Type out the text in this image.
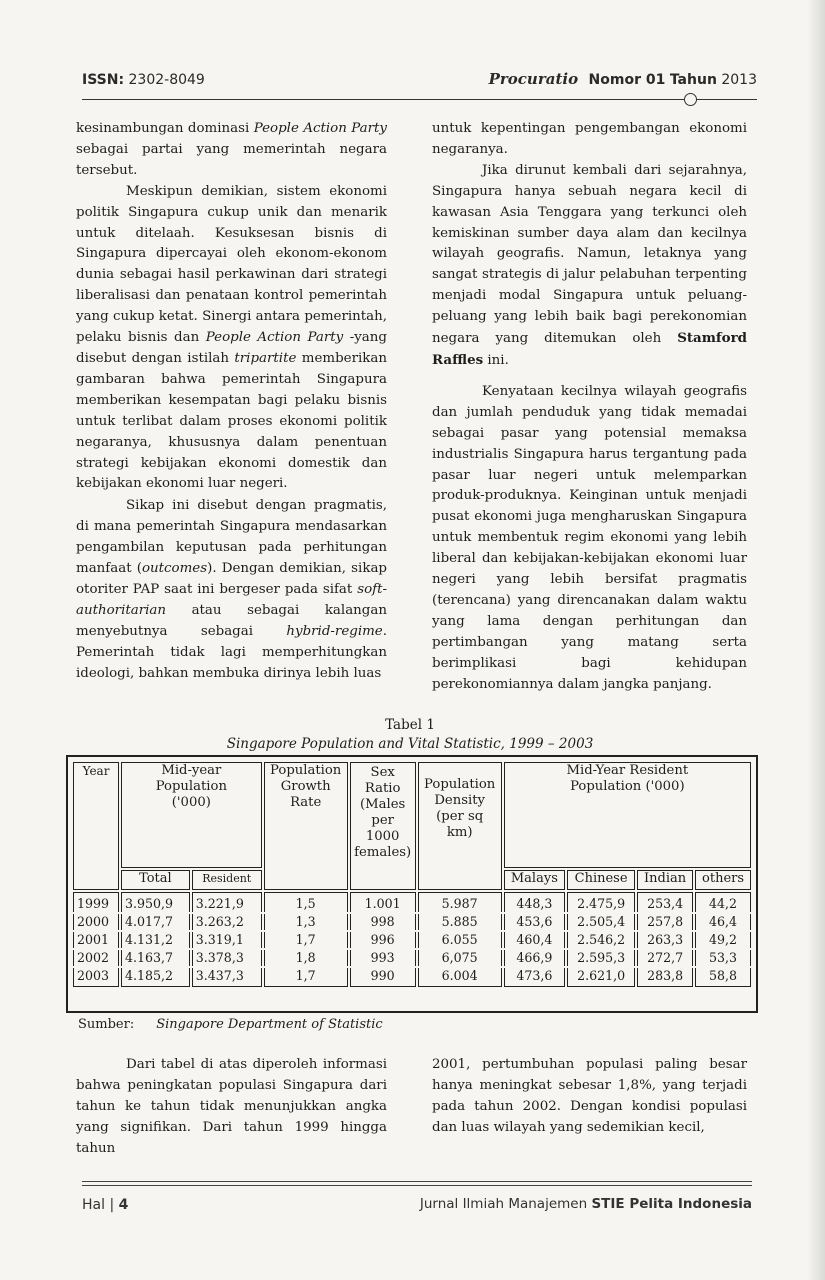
ISSN: 2302-8049	Procuratio Nomor 01 Tahun 2013

kesinambungan dominasi People Action Party sebagai partai yang memerintah negara tersebut.

Meskipun demikian, sistem ekonomi politik Singapura cukup unik dan menarik untuk ditelaah. Kesuksesan bisnis di Singapura dipercayai oleh ekonom-ekonom dunia sebagai hasil perkawinan dari strategi liberalisasi dan penataan kontrol pemerintah yang cukup ketat. Sinergi antara pemerintah, pelaku bisnis dan People Action Party -yang disebut dengan istilah tripartite memberikan gambaran bahwa pemerintah Singapura memberikan kesempatan bagi pelaku bisnis untuk terlibat dalam proses ekonomi politik negaranya, khususnya dalam penentuan strategi kebijakan ekonomi domestik dan kebijakan ekonomi luar negeri.

Sikap ini disebut dengan pragmatis, di mana pemerintah Singapura mendasarkan pengambilan keputusan pada perhitungan manfaat (outcomes). Dengan demikian, sikap otoriter PAP saat ini bergeser pada sifat soft-authoritarian atau sebagai kalangan menyebutnya sebagai hybrid-regime. Pemerintah tidak lagi memperhitungkan ideologi, bahkan membuka dirinya lebih luas

untuk kepentingan pengembangan ekonomi negaranya.

Jika dirunut kembali dari sejarahnya, Singapura hanya sebuah negara kecil di kawasan Asia Tenggara yang terkunci oleh kemiskinan sumber daya alam dan kecilnya wilayah geografis. Namun, letaknya yang sangat strategis di jalur pelabuhan terpenting menjadi modal Singapura untuk peluang-peluang yang lebih baik bagi perekonomian negara yang ditemukan oleh Stamford Raffles ini.

Kenyataan kecilnya wilayah geografis dan jumlah penduduk yang tidak memadai sebagai pasar yang potensial memaksa industrialis Singapura harus tergantung pada pasar luar negeri untuk melemparkan produk-produknya. Keinginan untuk menjadi pusat ekonomi juga mengharuskan Singapura untuk membentuk regim ekonomi yang lebih liberal dan kebijakan-kebijakan ekonomi luar negeri yang lebih bersifat pragmatis (terencana) yang direncanakan dalam waktu yang lama dengan perhitungan dan pertimbangan yang matang serta berimplikasi bagi kehidupan perekonomiannya dalam jangka panjang.

Tabel 1
Singapore Population and Vital Statistic, 1999 – 2003
Year	Mid-year Population ('000)		Population Growth Rate	Sex Ratio (Males per 1000 females)	Population Density (per sq km)	Mid-Year Resident Population ('000)			
	Total	Resident				Malays	Chinese	Indian	others
1999	3.950,9	3.221,9	1,5	1.001	5.987	448,3	2.475,9	253,4	44,2
2000	4.017,7	3.263,2	1,3	998	5.885	453,6	2.505,4	257,8	46,4
2001	4.131,2	3.319,1	1,7	996	6.055	460,4	2.546,2	263,3	49,2
2002	4.163,7	3.378,3	1,8	993	6,075	466,9	2.595,3	272,7	53,3
2003	4.185,2	3.437,3	1,7	990	6.004	473,6	2.621,0	283,8	58,8
Sumber: Singapore Department of Statistic

Dari tabel di atas diperoleh informasi bahwa peningkatan populasi Singapura dari tahun ke tahun tidak menunjukkan angka yang signifikan. Dari tahun 1999 hingga tahun

2001, pertumbuhan populasi paling besar hanya meningkat sebesar 1,8%, yang terjadi pada tahun 2002. Dengan kondisi populasi dan luas wilayah yang sedemikian kecil,

Hal | 4	Jurnal Ilmiah Manajemen STIE Pelita Indonesia
